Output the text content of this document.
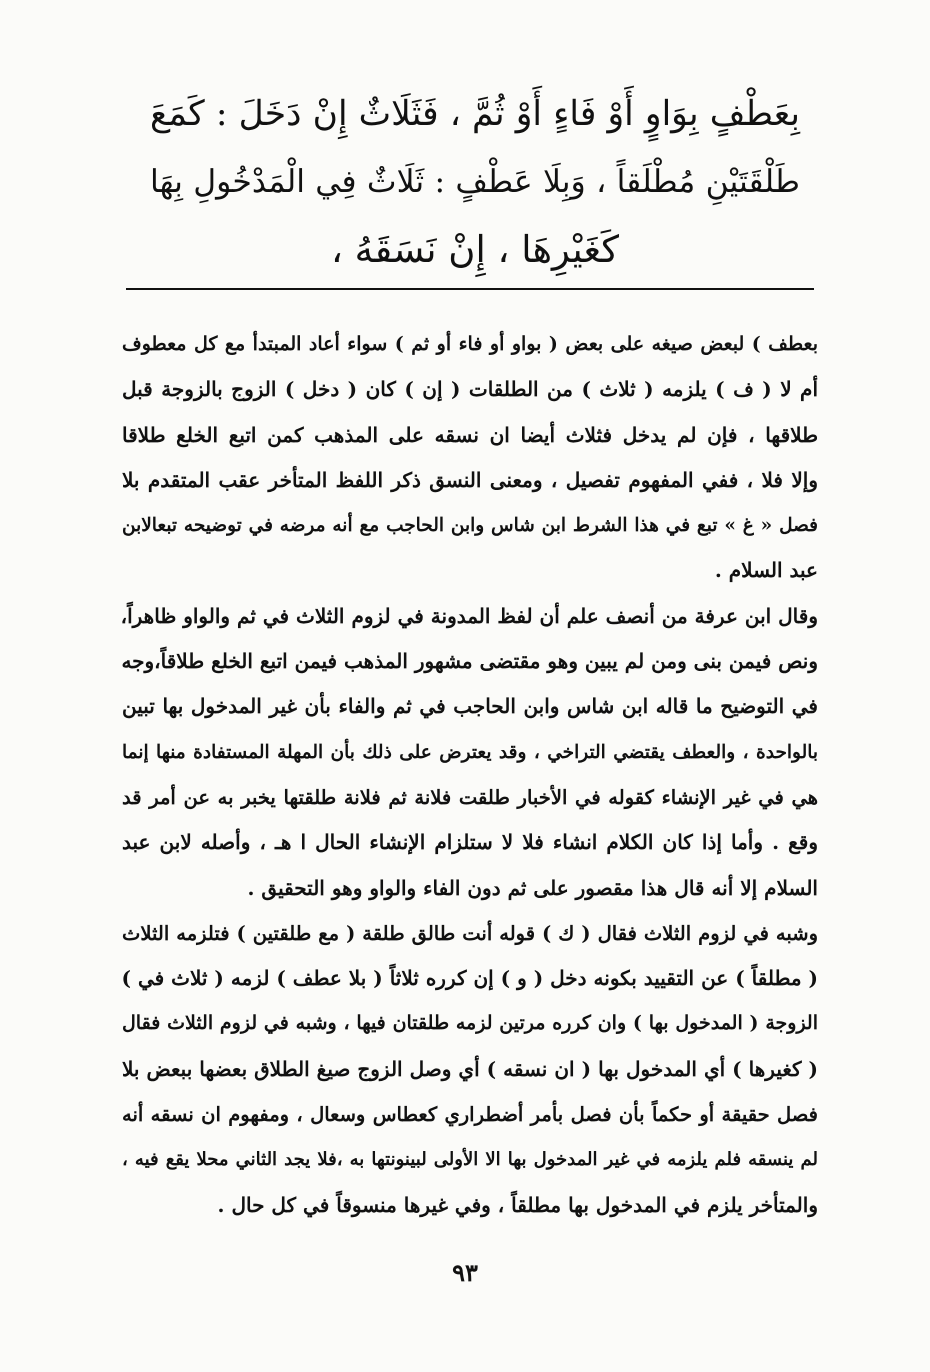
بِعَطْفٍ بِوَاوٍ أَوْ فَاءٍ أَوْ ثُمَّ ، فَثَلَاثٌ إِنْ دَخَلَ : كَمَعَ
طَلْقَتَيْنِ مُطْلَقاً ، وَبِلَا عَطْفٍ : ثَلَاثٌ فِي الْمَدْخُولِ بِهَا
كَغَيْرِهَا ، إِنْ نَسَقَهُ ،
بعطف ) لبعض صيغه على بعض ( بواو أو فاء أو ثم ) سواء أعاد المبتدأ مع كل معطوف
أم لا ( ف ) يلزمه ( ثلاث ) من الطلقات ( إن ) كان ( دخل ) الزوج بالزوجة قبل
طلاقها ، فإن لم يدخل فثلاث أيضا ان نسقه على المذهب كمن اتبع الخلع طلاقا
وإلا فلا ، ففي المفهوم تفصيل ، ومعنى النسق ذكر اللفظ المتأخر عقب المتقدم بلا
فصل « غ » تبع في هذا الشرط ابن شاس وابن الحاجب مع أنه مرضه في توضيحه تبعالابن
عبد السلام .
وقال ابن عرفة من أنصف علم أن لفظ المدونة في لزوم الثلاث في ثم والواو ظاهراً،
ونص فيمن بنى ومن لم يبين وهو مقتضى مشهور المذهب فيمن اتبع الخلع طلاقاً،وجه
في التوضيح ما قاله ابن شاس وابن الحاجب في ثم والفاء بأن غير المدخول بها تبين
بالواحدة ، والعطف يقتضي التراخي ، وقد يعترض على ذلك بأن المهلة المستفادة منها إنما
هي في غير الإنشاء كقوله في الأخبار طلقت فلانة ثم فلانة طلقتها يخبر به عن أمر قد
وقع . وأما إذا كان الكلام انشاء فلا لا ستلزام الإنشاء الحال ا هـ ، وأصله لابن عبد
السلام إلا أنه قال هذا مقصور على ثم دون الفاء والواو وهو التحقيق .
وشبه في لزوم الثلاث فقال ( ك ) قوله أنت طالق طلقة ( مع طلقتين ) فتلزمه الثلاث
( مطلقاً ) عن التقييد بكونه دخل ( و ) إن كرره ثلاثاً ( بلا عطف ) لزمه ( ثلاث في )
الزوجة ( المدخول بها ) وان كرره مرتين لزمه طلقتان فيها ، وشبه في لزوم الثلاث فقال
( كغيرها ) أي المدخول بها ( ان نسقه ) أي وصل الزوج صيغ الطلاق بعضها ببعض بلا
فصل حقيقة أو حكماً بأن فصل بأمر أضطراري كعطاس وسعال ، ومفهوم ان نسقه أنه
لم ينسقه فلم يلزمه في غير المدخول بها الا الأولى لبينونتها به ،فلا يجد الثاني محلا يقع فيه ،
والمتأخر يلزم في المدخول بها مطلقاً ، وفي غيرها منسوقاً في كل حال .
٩٣
